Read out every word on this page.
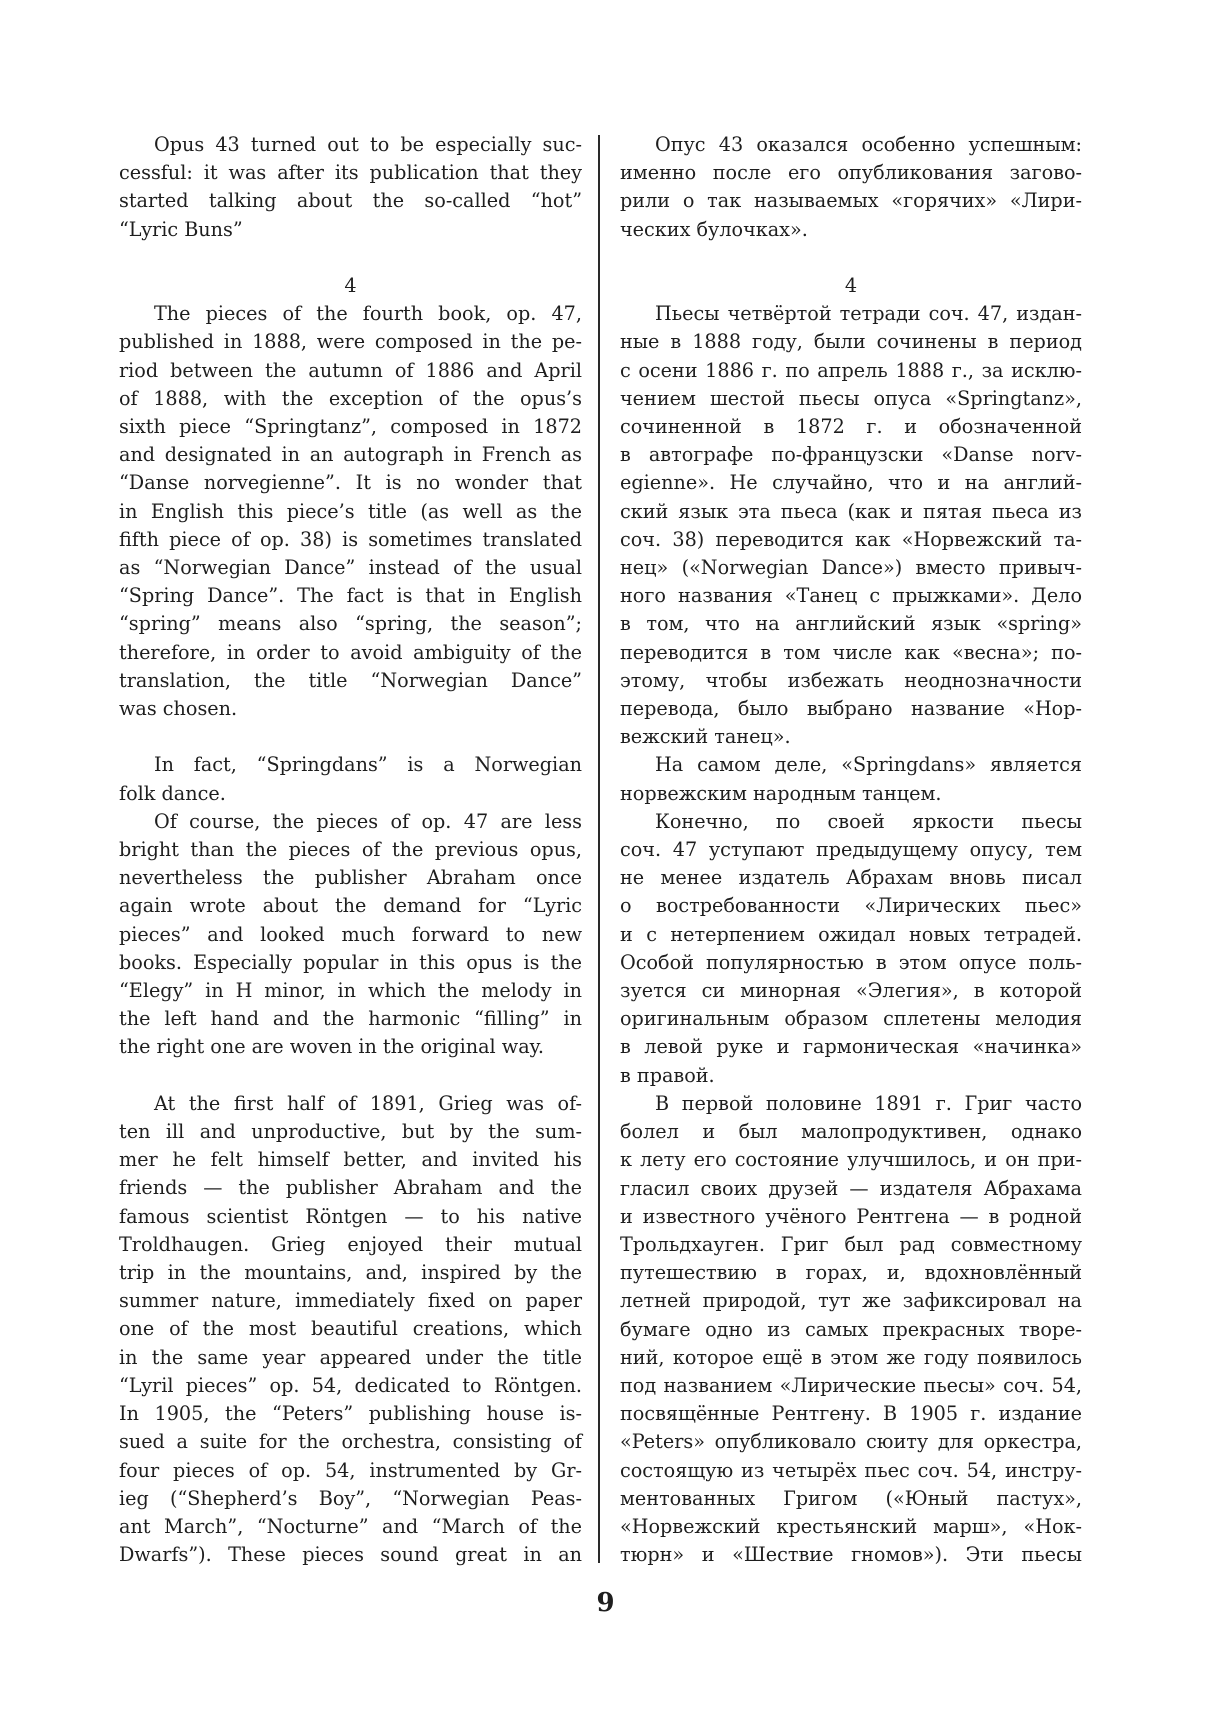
Opus 43 turned out to be especially suc-
cessful: it was after its publication that they
started talking about the so-called “hot”
“Lyric Buns”
4
The pieces of the fourth book, op. 47,
published in 1888, were composed in the pe-
riod between the autumn of 1886 and April
of 1888, with the exception of the opus’s
sixth piece “Springtanz”, composed in 1872
and designated in an autograph in French as
“Danse norvegienne”. It is no wonder that
in English this piece’s title (as well as the
fifth piece of op. 38) is sometimes translated
as “Norwegian Dance” instead of the usual
“Spring Dance”. The fact is that in English
“spring” means also “spring, the season”;
therefore, in order to avoid ambiguity of the
translation, the title “Norwegian Dance”
was chosen.
In fact, “Springdans” is a Norwegian
folk dance.
Of course, the pieces of op. 47 are less
bright than the pieces of the previous opus,
nevertheless the publisher Abraham once
again wrote about the demand for “Lyric
pieces” and looked much forward to new
books. Especially popular in this opus is the
“Elegy” in H minor, in which the melody in
the left hand and the harmonic “filling” in
the right one are woven in the original way.
At the first half of 1891, Grieg was of-
ten ill and unproductive, but by the sum-
mer he felt himself better, and invited his
friends — the publisher Abraham and the
famous scientist Röntgen — to his native
Troldhaugen. Grieg enjoyed their mutual
trip in the mountains, and, inspired by the
summer nature, immediately fixed on paper
one of the most beautiful creations, which
in the same year appeared under the title
“Lyril pieces” op. 54, dedicated to Röntgen.
In 1905, the “Peters” publishing house is-
sued a suite for the orchestra, consisting of
four pieces of op. 54, instrumented by Gr-
ieg (“Shepherd’s Boy”, “Norwegian Peas-
ant March”, “Nocturne” and “March of the
Dwarfs”). These pieces sound great in an
Опус 43 оказался особенно успешным:
именно после его опубликования загово-
рили о так называемых «горячих» «Лири-
ческих булочках».
4
Пьесы четвёртой тетради соч. 47, издан-
ные в 1888 году, были сочинены в период
с осени 1886 г. по апрель 1888 г., за исклю-
чением шестой пьесы опуса «Springtanz»,
сочиненной в 1872 г. и обозначенной
в автографе по-французски «Danse norv-
egienne». Не случайно, что и на англий-
ский язык эта пьеса (как и пятая пьеса из
соч. 38) переводится как «Норвежский та-
нец» («Norwegian Dance») вместо привыч-
ного названия «Танец с прыжками». Дело
в том, что на английский язык «spring»
переводится в том числе как «весна»; по-
этому, чтобы избежать неоднозначности
перевода, было выбрано название «Нор-
вежский танец».
На самом деле, «Springdans» является
норвежским народным танцем.
Конечно, по своей яркости пьесы
соч. 47 уступают предыдущему опусу, тем
не менее издатель Абрахам вновь писал
о востребованности «Лирических пьес»
и с нетерпением ожидал новых тетрадей.
Особой популярностью в этом опусе поль-
зуется си минорная «Элегия», в которой
оригинальным образом сплетены мелодия
в левой руке и гармоническая «начинка»
в правой.
В первой половине 1891 г. Григ часто
болел и был малопродуктивен, однако
к лету его состояние улучшилось, и он при-
гласил своих друзей — издателя Абрахама
и известного учёного Рентгена — в родной
Трольдхауген. Григ был рад совместному
путешествию в горах, и, вдохновлённый
летней природой, тут же зафиксировал на
бумаге одно из самых прекрасных творе-
ний, которое ещё в этом же году появилось
под названием «Лирические пьесы» соч. 54,
посвящённые Рентгену. В 1905 г. издание
«Peters» опубликовало сюиту для оркестра,
состоящую из четырёх пьес соч. 54, инстру-
ментованных Григом («Юный пастух»,
«Норвежский крестьянский марш», «Нок-
тюрн» и «Шествие гномов»). Эти пьесы
9
